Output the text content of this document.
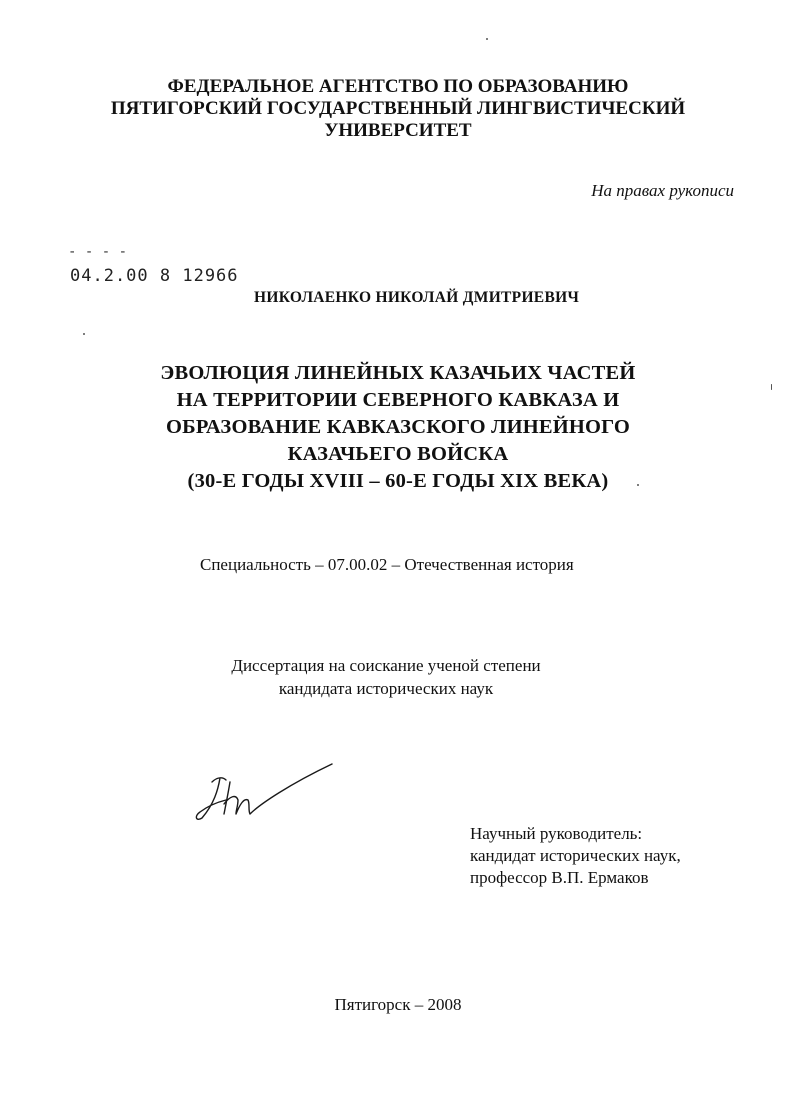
ФЕДЕРАЛЬНОЕ АГЕНТСТВО ПО ОБРАЗОВАНИЮ
ПЯТИГОРСКИЙ ГОСУДАРСТВЕННЫЙ ЛИНГВИСТИЧЕСКИЙ
УНИВЕРСИТЕТ
На правах рукописи
- - - -
04.2.00 8 12966
НИКОЛАЕНКО НИКОЛАЙ ДМИТРИЕВИЧ
ЭВОЛЮЦИЯ ЛИНЕЙНЫХ КАЗАЧЬИХ ЧАСТЕЙ
НА ТЕРРИТОРИИ СЕВЕРНОГО КАВКАЗА И
ОБРАЗОВАНИЕ КАВКАЗСКОГО ЛИНЕЙНОГО
КАЗАЧЬЕГО ВОЙСКА
(30-Е ГОДЫ XVIII – 60-Е ГОДЫ XIX ВЕКА)
Специальность – 07.00.02 – Отечественная история
Диссертация на соискание ученой степени
кандидата исторических наук
Научный руководитель:
кандидат исторических наук,
профессор В.П. Ермаков
Пятигорск – 2008
